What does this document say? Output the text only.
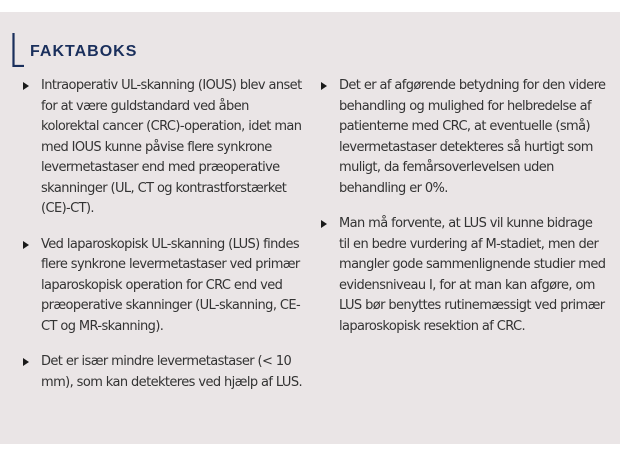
FAKTABOKS

Intraoperativ UL-skanning (IOUS) blev anset for at være guldstandard ved åben kolorektal cancer (CRC)-operation, idet man med IOUS kunne påvise flere synkrone levermetastaser end med præoperative skanninger (UL, CT og kontrastforstærket (CE)-CT).

Ved laparoskopisk UL-skanning (LUS) findes flere synkrone levermetastaser ved primær laparoskopisk operation for CRC end ved præoperative skanninger (UL-skanning, CE-CT og MR-skanning).

Det er især mindre levermetastaser (< 10 mm), som kan detekteres ved hjælp af LUS.

Det er af afgørende betydning for den videre behandling og mulighed for helbredelse af patienterne med CRC, at eventuelle (små) levermetastaser detekteres så hurtigt som muligt, da femårsoverlevelsen uden behandling er 0%.

Man må forvente, at LUS vil kunne bidrage til en bedre vurdering af M-stadiet, men der mangler gode sammenlignende studier med evidensniveau I, for at man kan afgøre, om LUS bør benyttes rutinemæssigt ved primær laparoskopisk resektion af CRC.
